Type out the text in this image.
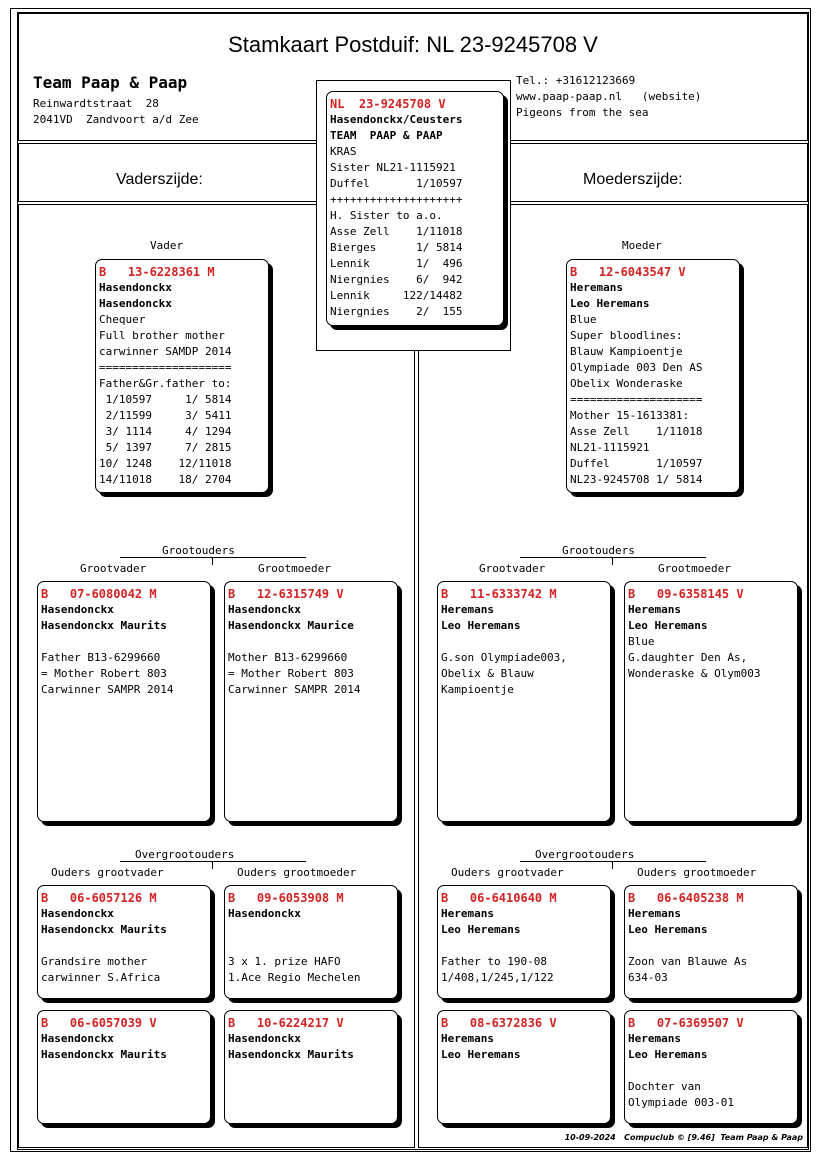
Stamkaart Postduif: NL 23-9245708 V
Team Paap & Paap
Reinwardtstraat  28
2041VD  Zandvoort a/d Zee
Tel.: +31612123669
www.paap-paap.nl   (website)
Pigeons from the sea
Vaderszijde:	Moederszijde:
NL  23-9245708 V
Hasendonckx/Ceusters
TEAM  PAAP & PAAP
KRAS
Sister NL21-1115921
Duffel       1/10597
++++++++++++++++++++
H. Sister to a.o.
Asse Zell    1/11018
Bierges      1/ 5814
Lennik       1/  496
Niergnies    6/  942
Lennik     122/14482
Niergnies    2/  155
Vader	Moeder
B   13-6228361 M
Hasendonckx
Hasendonckx
Chequer
Full brother mother
carwinner SAMDP 2014
====================
Father&Gr.father to:
1/10597     1/ 5814
2/11599     3/ 5411
3/ 1114     4/ 1294
5/ 1397     7/ 2815
10/ 1248    12/11018
14/11018    18/ 2704
B   12-6043547 V
Heremans
Leo Heremans
Blue
Super bloodlines:
Blauw Kampioentje
Olympiade 003 Den AS
Obelix Wonderaske
====================
Mother 15-1613381:
Asse Zell    1/11018
NL21-1115921
Duffel       1/10597
NL23-9245708 1/ 5814
Grootouders
Grootvader	Grootmoeder
Grootouders
Grootvader	Grootmoeder
B   07-6080042 M
Hasendonckx
Hasendonckx Maurits

Father B13-6299660
= Mother Robert 803
Carwinner SAMPR 2014
B   12-6315749 V
Hasendonckx
Hasendonckx Maurice

Mother B13-6299660
= Mother Robert 803
Carwinner SAMPR 2014
B   11-6333742 M
Heremans
Leo Heremans

G.son Olympiade003,
Obelix & Blauw
Kampioentje
B   09-6358145 V
Heremans
Leo Heremans
Blue
G.daughter Den As,
Wonderaske & Olym003
Overgrootouders
Ouders grootvader	Ouders grootmoeder
Overgrootouders
Ouders grootvader	Ouders grootmoeder
B   06-6057126 M
Hasendonckx
Hasendonckx Maurits

Grandsire mother
carwinner S.Africa
B   09-6053908 M
Hasendonckx

3 x 1. prize HAFO
1.Ace Regio Mechelen
B   06-6410640 M
Heremans
Leo Heremans

Father to 190-08
1/408,1/245,1/122
B   06-6405238 M
Heremans
Leo Heremans

Zoon van Blauwe As
634-03
B   06-6057039 V
Hasendonckx
Hasendonckx Maurits
B   10-6224217 V
Hasendonckx
Hasendonckx Maurits
B   08-6372836 V
Heremans
Leo Heremans
B   07-6369507 V
Heremans
Leo Heremans

Dochter van
Olympiade 003-01
10-09-2024   Compuclub © [9.46]  Team Paap & Paap
